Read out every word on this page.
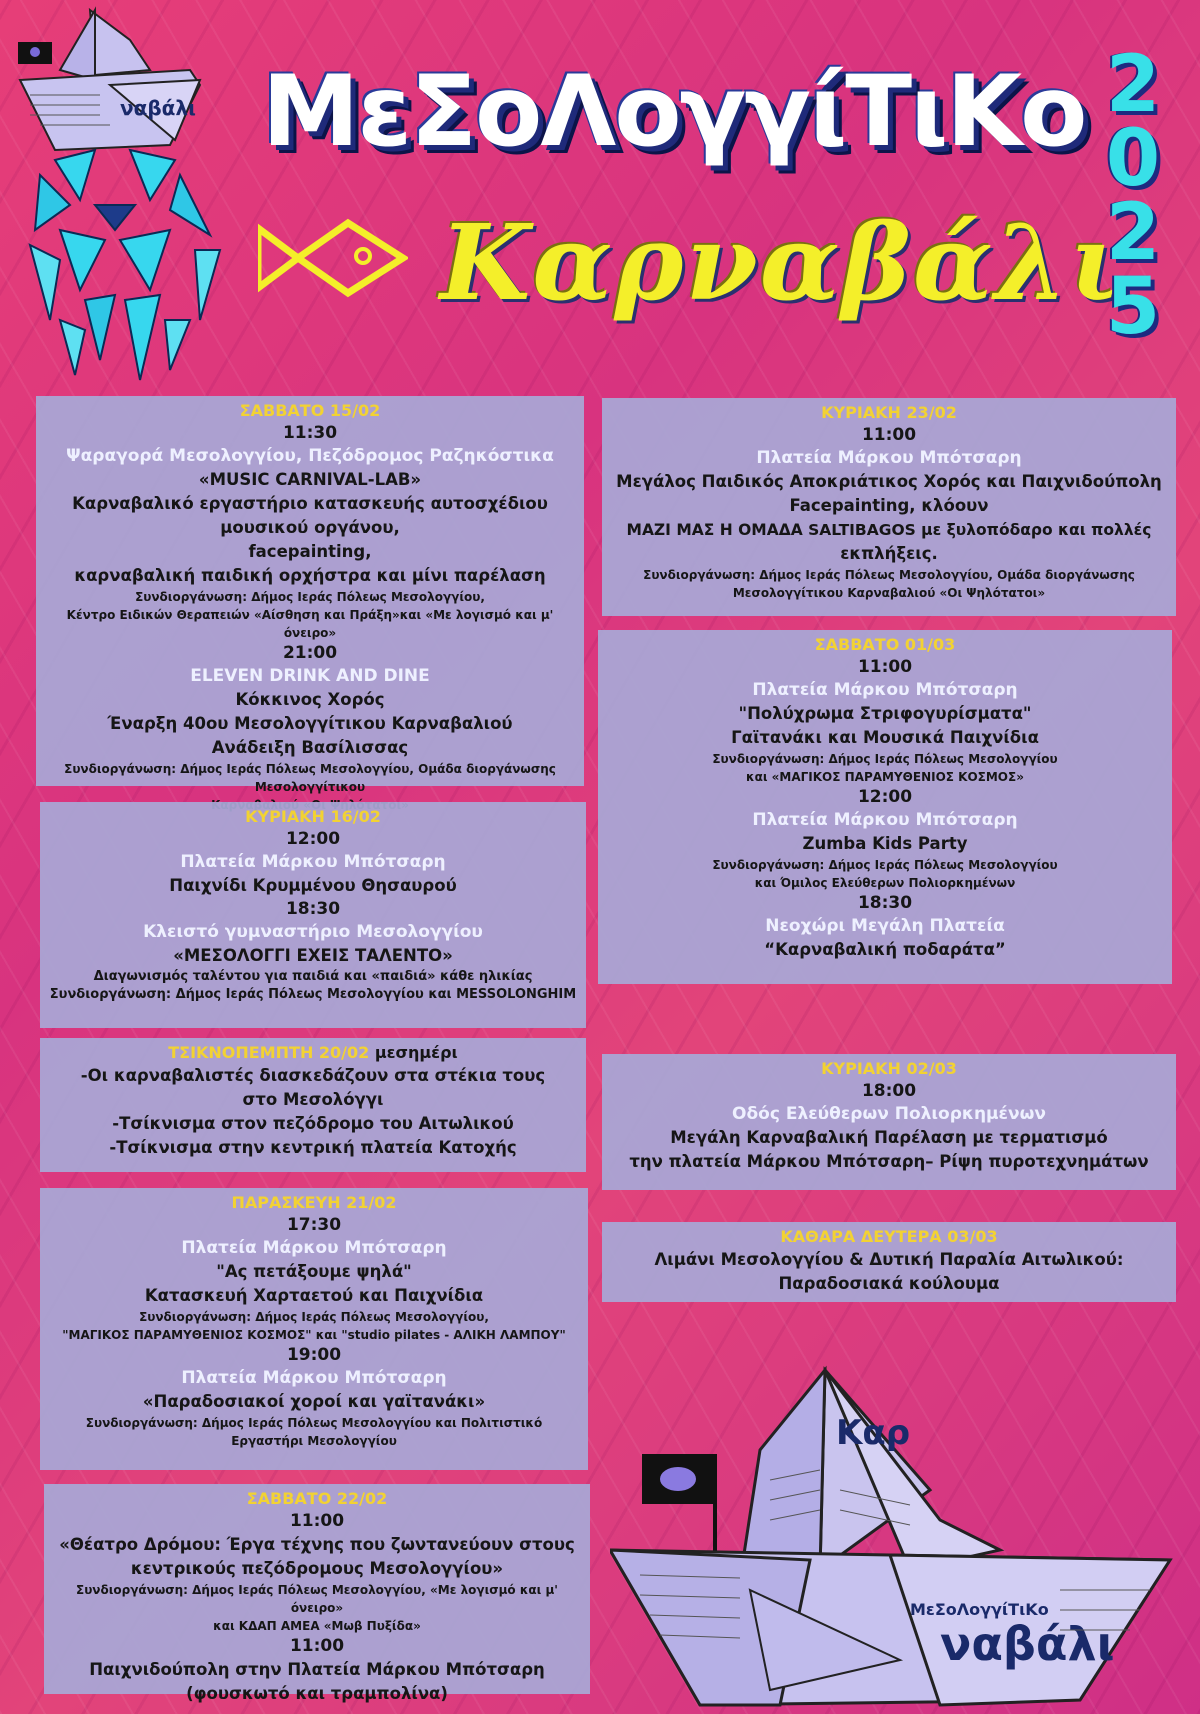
ναβάλι ΜεΣοΛογγίΤιΚο
Καρναβάλι
2
0
2
5
ΣΑΒΒΑΤΟ 15/02
11:30
Ψαραγορά Μεσολογγίου, Πεζόδρομος Ραζηκόστικα
«MUSIC CARNIVAL-LAB»
Καρναβαλικό εργαστήριο κατασκευής αυτοσχέδιου
μουσικού οργάνου,
facepainting,
καρναβαλική παιδική ορχήστρα και μίνι παρέλαση
Συνδιοργάνωση: Δήμος Ιεράς Πόλεως Μεσολογγίου,
Κέντρο Ειδικών Θεραπειών «Αίσθηση και Πράξη»και «Με λογισμό και μ' όνειρο»
21:00
ELEVEN DRINK AND DINE
Κόκκινος Χορός
Έναρξη 40ου Μεσολογγίτικου Καρναβαλιού
Ανάδειξη Βασίλισσας
Συνδιοργάνωση: Δήμος Ιεράς Πόλεως Μεσολογγίου, Ομάδα διοργάνωσης Μεσολογγίτικου
ΚΥΡΙΑΚΗ 16/02
12:00
Πλατεία Μάρκου Μπότσαρη
Παιχνίδι Κρυμμένου Θησαυρού
18:30
Κλειστό γυμναστήριο Μεσολογγίου
«ΜΕΣΟΛΟΓΓΙ ΕΧΕΙΣ ΤΑΛΕΝΤΟ»
Διαγωνισμός ταλέντου για παιδιά και «παιδιά» κάθε ηλικίας
Συνδιοργάνωση: Δήμος Ιεράς Πόλεως Μεσολογγίου και MESSOLONGHIM
ΤΣΙΚΝΟΠΕΜΠΤΗ 20/02 μεσημέρι
-Οι καρναβαλιστές διασκεδάζουν στα στέκια τους
στο Μεσολόγγι
-Τσίκνισμα στον πεζόδρομο του Αιτωλικού
-Τσίκνισμα στην κεντρική πλατεία Κατοχής
ΠΑΡΑΣΚΕΥΗ 21/02
17:30
Πλατεία Μάρκου Μπότσαρη
"Ας πετάξουμε ψηλά"
Κατασκευή Χαρταετού και Παιχνίδια
Συνδιοργάνωση: Δήμος Ιεράς Πόλεως Μεσολογγίου,
"ΜΑΓΙΚΟΣ ΠΑΡΑΜΥΘΕΝΙΟΣ ΚΟΣΜΟΣ" και "studio pilates - ΑΛΙΚΗ ΛΑΜΠΟΥ"
19:00
Πλατεία Μάρκου Μπότσαρη
«Παραδοσιακοί χοροί και γαϊτανάκι»
Συνδιοργάνωση: Δήμος Ιεράς Πόλεως Μεσολογγίου και Πολιτιστικό
Εργαστήρι Μεσολογγίου
ΣΑΒΒΑΤΟ 22/02
11:00
«Θέατρο Δρόμου: Έργα τέχνης που ζωντανεύουν στους
κεντρικούς πεζόδρομους Μεσολογγίου»
Συνδιοργάνωση: Δήμος Ιεράς Πόλεως Μεσολογγίου, «Με λογισμό και μ' όνειρο»
και ΚΔΑΠ ΑΜΕΑ «Μωβ Πυξίδα»
11:00
Παιχνιδούπολη στην Πλατεία Μάρκου Μπότσαρη
(φουσκωτό και τραμπολίνα)
ΚΥΡΙΑΚΗ 23/02
11:00
Πλατεία Μάρκου Μπότσαρη
Μεγάλος Παιδικός Αποκριάτικος Χορός και Παιχνιδούπολη
Facepainting, κλόουν
ΜΑΖΙ ΜΑΣ Η ΟΜΑΔΑ SALTIBAGOS με ξυλοπόδαρο και πολλές
εκπλήξεις.
Συνδιοργάνωση: Δήμος Ιεράς Πόλεως Μεσολογγίου, Ομάδα διοργάνωσης
Μεσολογγίτικου Καρναβαλιού «Οι Ψηλότατοι»
ΣΑΒΒΑΤΟ 01/03
11:00
Πλατεία Μάρκου Μπότσαρη
"Πολύχρωμα Στριφογυρίσματα"
Γαϊτανάκι και Μουσικά Παιχνίδια
Συνδιοργάνωση: Δήμος Ιεράς Πόλεως Μεσολογγίου
και «ΜΑΓΙΚΟΣ ΠΑΡΑΜΥΘΕΝΙΟΣ ΚΟΣΜΟΣ»
12:00
Πλατεία Μάρκου Μπότσαρη
Zumba Kids Party
Συνδιοργάνωση: Δήμος Ιεράς Πόλεως Μεσολογγίου
και Όμιλος Ελεύθερων Πολιορκημένων
18:30
Νεοχώρι Μεγάλη Πλατεία
“Καρναβαλική ποδαράτα”
ΚΥΡΙΑΚΗ 02/03
18:00
Οδός Ελεύθερων Πολιορκημένων
Μεγάλη Καρναβαλική Παρέλαση με τερματισμό
την πλατεία Μάρκου Μπότσαρη– Ρίψη πυροτεχνημάτων
ΚΑΘΑΡΑ ΔΕΥΤΕΡΑ 03/03
Λιμάνι Μεσολογγίου & Δυτική Παραλία Αιτωλικού:
Παραδοσιακά κούλουμα
Καρ
ΜεΣοΛογγίΤιΚο
ναβάλι
